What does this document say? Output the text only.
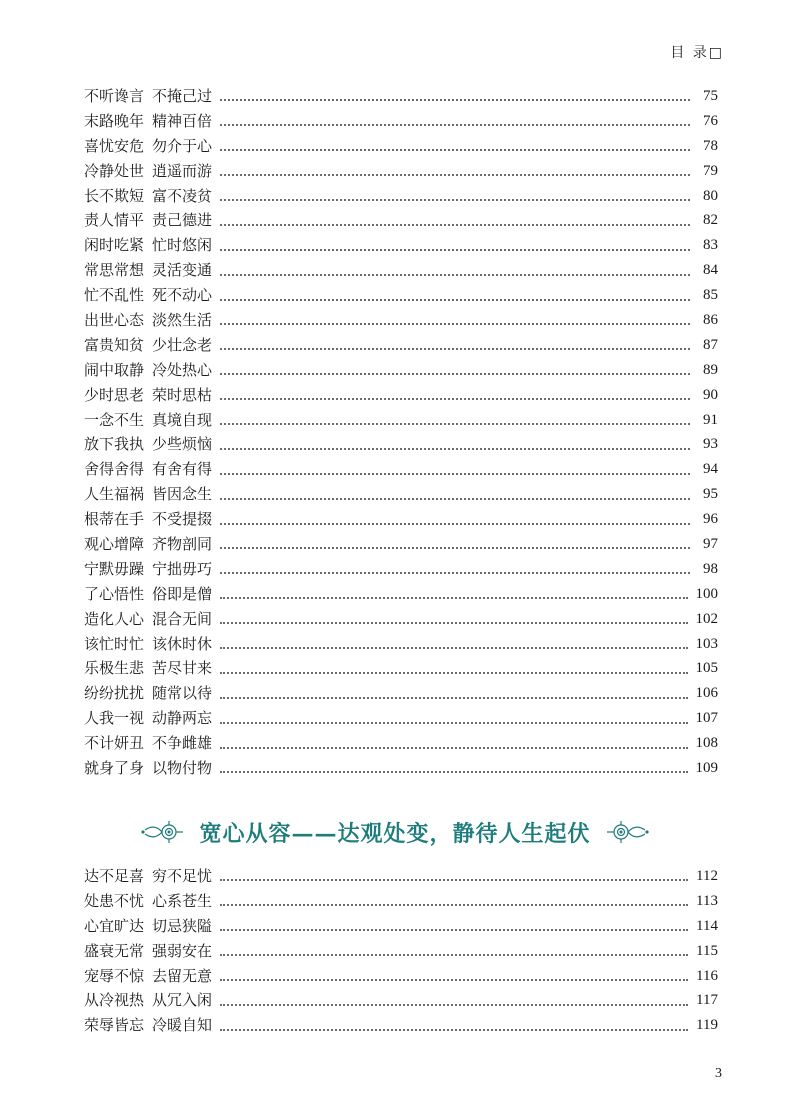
目 录□
不听谗言 不掩己过	75
末路晚年 精神百倍	76
喜忧安危 勿介于心	78
冷静处世 逍遥而游	79
长不欺短 富不凌贫	80
责人情平 责己德进	82
闲时吃紧 忙时悠闲	83
常思常想 灵活变通	84
忙不乱性 死不动心	85
出世心态 淡然生活	86
富贵知贫 少壮念老	87
闹中取静 冷处热心	89
少时思老 荣时思枯	90
一念不生 真境自现	91
放下我执 少些烦恼	93
舍得舍得 有舍有得	94
人生福祸 皆因念生	95
根蒂在手 不受提掇	96
观心增障 齐物剖同	97
宁默毋躁 宁拙毋巧	98
了心悟性 俗即是僧	100
造化人心 混合无间	102
该忙时忙 该休时休	103
乐极生悲 苦尽甘来	105
纷纷扰扰 随常以待	106
人我一视 动静两忘	107
不计妍丑 不争雌雄	108
就身了身 以物付物	109
宽心从容——达观处变，静待人生起伏
达不足喜 穷不足忧	112
处患不忧 心系苍生	113
心宜旷达 切忌狭隘	114
盛衰无常 强弱安在	115
宠辱不惊 去留无意	116
从冷视热 从冗入闲	117
荣辱皆忘 冷暖自知	119
3
